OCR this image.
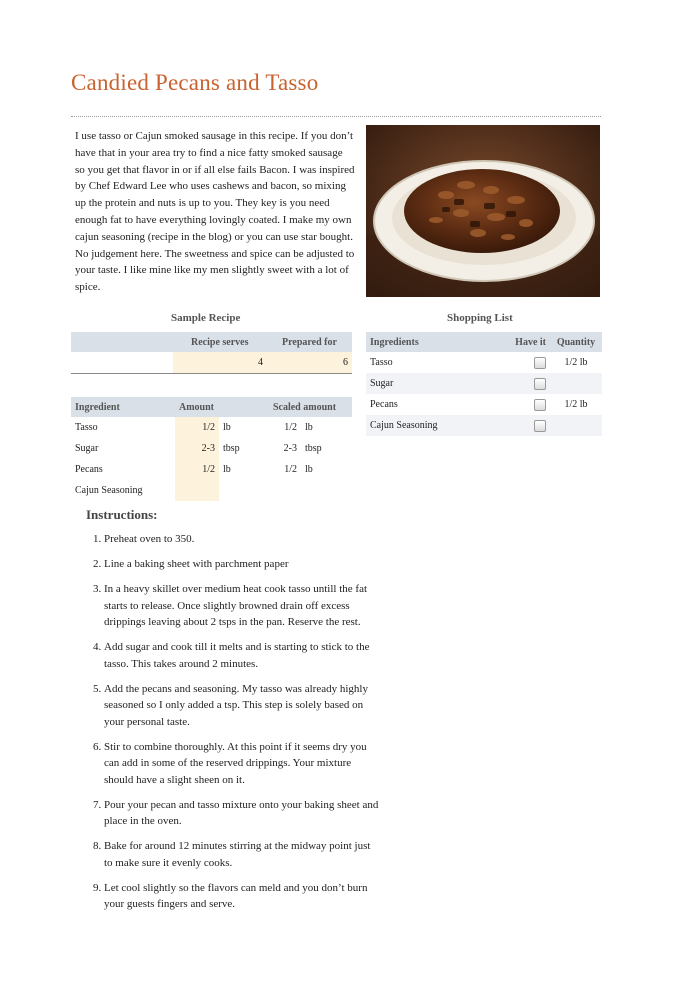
Candied Pecans and Tasso
I use tasso or Cajun smoked sausage in this recipe. If you don’t have that in your area try to find a nice fatty smoked sausage so you get that flavor in or if all else fails Bacon. I was inspired by Chef Edward Lee who uses cashews and bacon, so mixing up the protein and nuts is up to you. They key is you need enough fat to have everything lovingly coated. I make my own cajun seasoning (recipe in the blog) or you can use star bought. No judgement here. The sweetness and spice can be adjusted to your taste. I like mine like my men slightly sweet with a lot of spice.
Sample Recipe
	Recipe serves	Prepared for
	4	6
Ingredient	Amount		Scaled amount	
Tasso	1/2	lb	1/2	lb
Sugar	2-3	tbsp	2-3	tbsp
Pecans	1/2	lb	1/2	lb
Cajun Seasoning				
Shopping List
Ingredients	Have it	Quantity
Tasso		1/2 lb
Sugar		
Pecans		1/2 lb
Cajun Seasoning		
Instructions:
1. Preheat oven to 350.
2. Line a baking sheet with parchment paper
3. In a heavy skillet over medium heat cook tasso untill the fat starts to release. Once slightly browned drain off excess drippings leaving about 2 tsps in the pan. Reserve the rest.
4. Add sugar and cook till it melts and is starting to stick to the tasso. This takes around 2 minutes.
5. Add the pecans and seasoning. My tasso was already highly seasoned so I only added a tsp. This step is solely based on your personal taste.
6. Stir to combine thoroughly. At this point if it seems dry you can add in some of the reserved drippings. Your mixture should have a slight sheen on it.
7. Pour your pecan and tasso mixture onto your baking sheet and place in the oven.
8. Bake for around 12 minutes stirring at the midway point just to make sure it evenly cooks.
9. Let cool slightly so the flavors can meld and you don’t burn your guests fingers and serve.
